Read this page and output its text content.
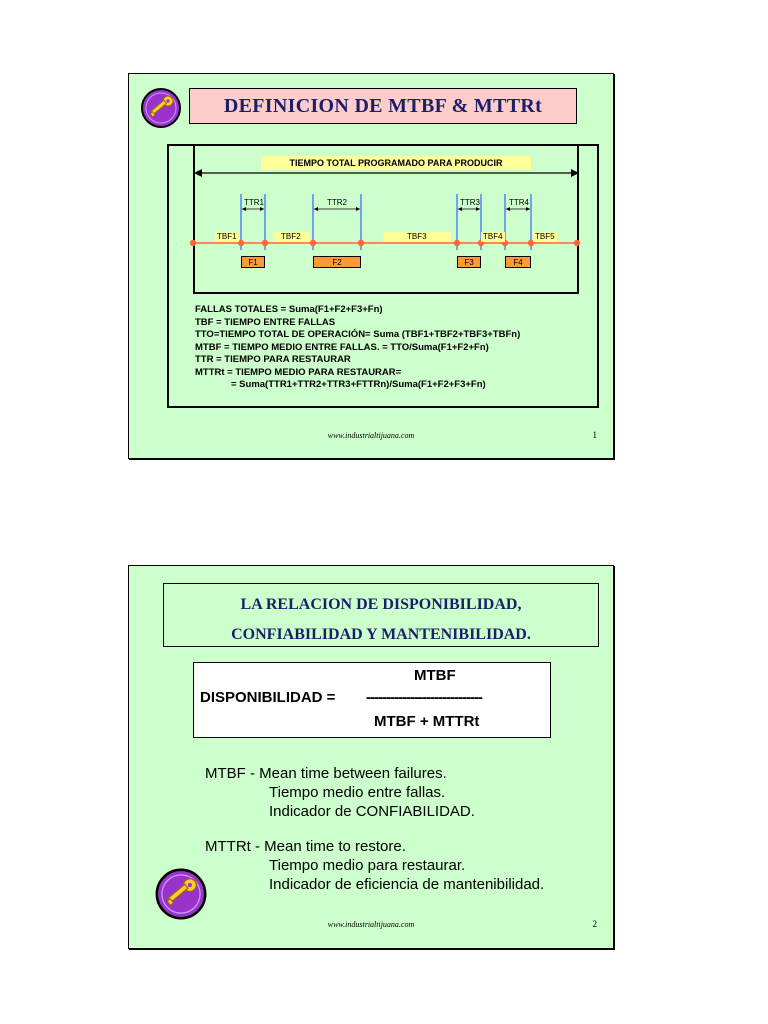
DEFINICION DE MTBF & MTTRt
TIEMPO TOTAL PROGRAMADO PARA PRODUCIR
TTR1	TTR2	TTR3	TTR4
TBF1	TBF2	TBF3	TBF4	TBF5
F1	F2	F3	F4
FALLAS TOTALES = Suma(F1+F2+F3+Fn)
TBF = TIEMPO ENTRE FALLAS
TTO=TIEMPO TOTAL DE OPERACIÓN= Suma (TBF1+TBF2+TBF3+TBFn)
MTBF = TIEMPO MEDIO ENTRE FALLAS. = TTO/Suma(F1+F2+Fn)
TTR = TIEMPO PARA RESTAURAR
MTTRt = TIEMPO MEDIO PARA RESTAURAR=
= Suma(TTR1+TTR2+TTR3+FTTRn)/Suma(F1+F2+F3+Fn)
www.industrialtijuana.com	1
LA RELACION DE DISPONIBILIDAD,
CONFIABILIDAD Y MANTENIBILIDAD.
MTBF
DISPONIBILIDAD = -----------------------------
MTBF + MTTRt
MTBF - Mean time between failures.
Tiempo medio entre fallas.
Indicador de CONFIABILIDAD.
MTTRt - Mean time to restore.
Tiempo medio para restaurar.
Indicador de eficiencia de mantenibilidad.
www.industrialtijuana.com	2
